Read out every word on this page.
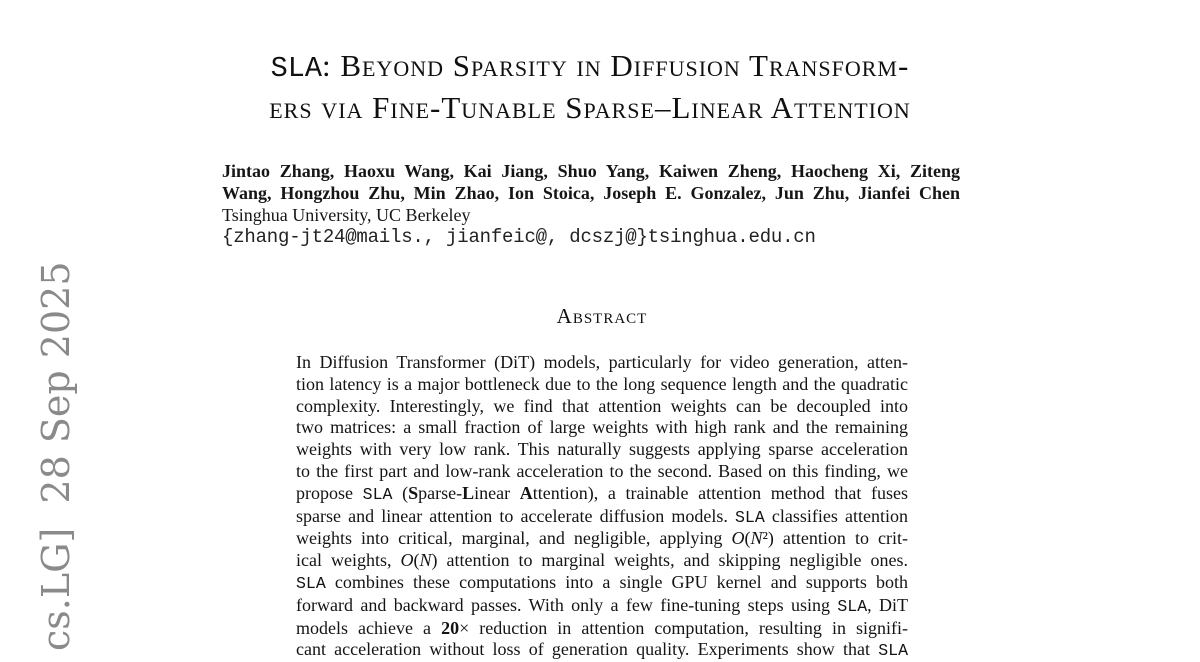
cs.LG]  28 Sep 2025
SLA: Beyond Sparsity in Diffusion Transform-
ers via Fine-Tunable Sparse–Linear Attention
Jintao Zhang, Haoxu Wang, Kai Jiang, Shuo Yang, Kaiwen Zheng, Haocheng Xi, Ziteng
Wang, Hongzhou Zhu, Min Zhao, Ion Stoica, Joseph E. Gonzalez, Jun Zhu, Jianfei Chen
Tsinghua University, UC Berkeley
{zhang-jt24@mails., jianfeic@, dcszj@}tsinghua.edu.cn
Abstract
In Diffusion Transformer (DiT) models, particularly for video generation, atten-
tion latency is a major bottleneck due to the long sequence length and the quadratic
complexity. Interestingly, we find that attention weights can be decoupled into
two matrices: a small fraction of large weights with high rank and the remaining
weights with very low rank. This naturally suggests applying sparse acceleration
to the first part and low-rank acceleration to the second. Based on this finding, we
propose SLA (Sparse-Linear Attention), a trainable attention method that fuses
sparse and linear attention to accelerate diffusion models. SLA classifies attention
weights into critical, marginal, and negligible, applying O(N²) attention to crit-
ical weights, O(N) attention to marginal weights, and skipping negligible ones.
SLA combines these computations into a single GPU kernel and supports both
forward and backward passes. With only a few fine-tuning steps using SLA, DiT
models achieve a 20× reduction in attention computation, resulting in signifi-
cant acceleration without loss of generation quality. Experiments show that SLA
